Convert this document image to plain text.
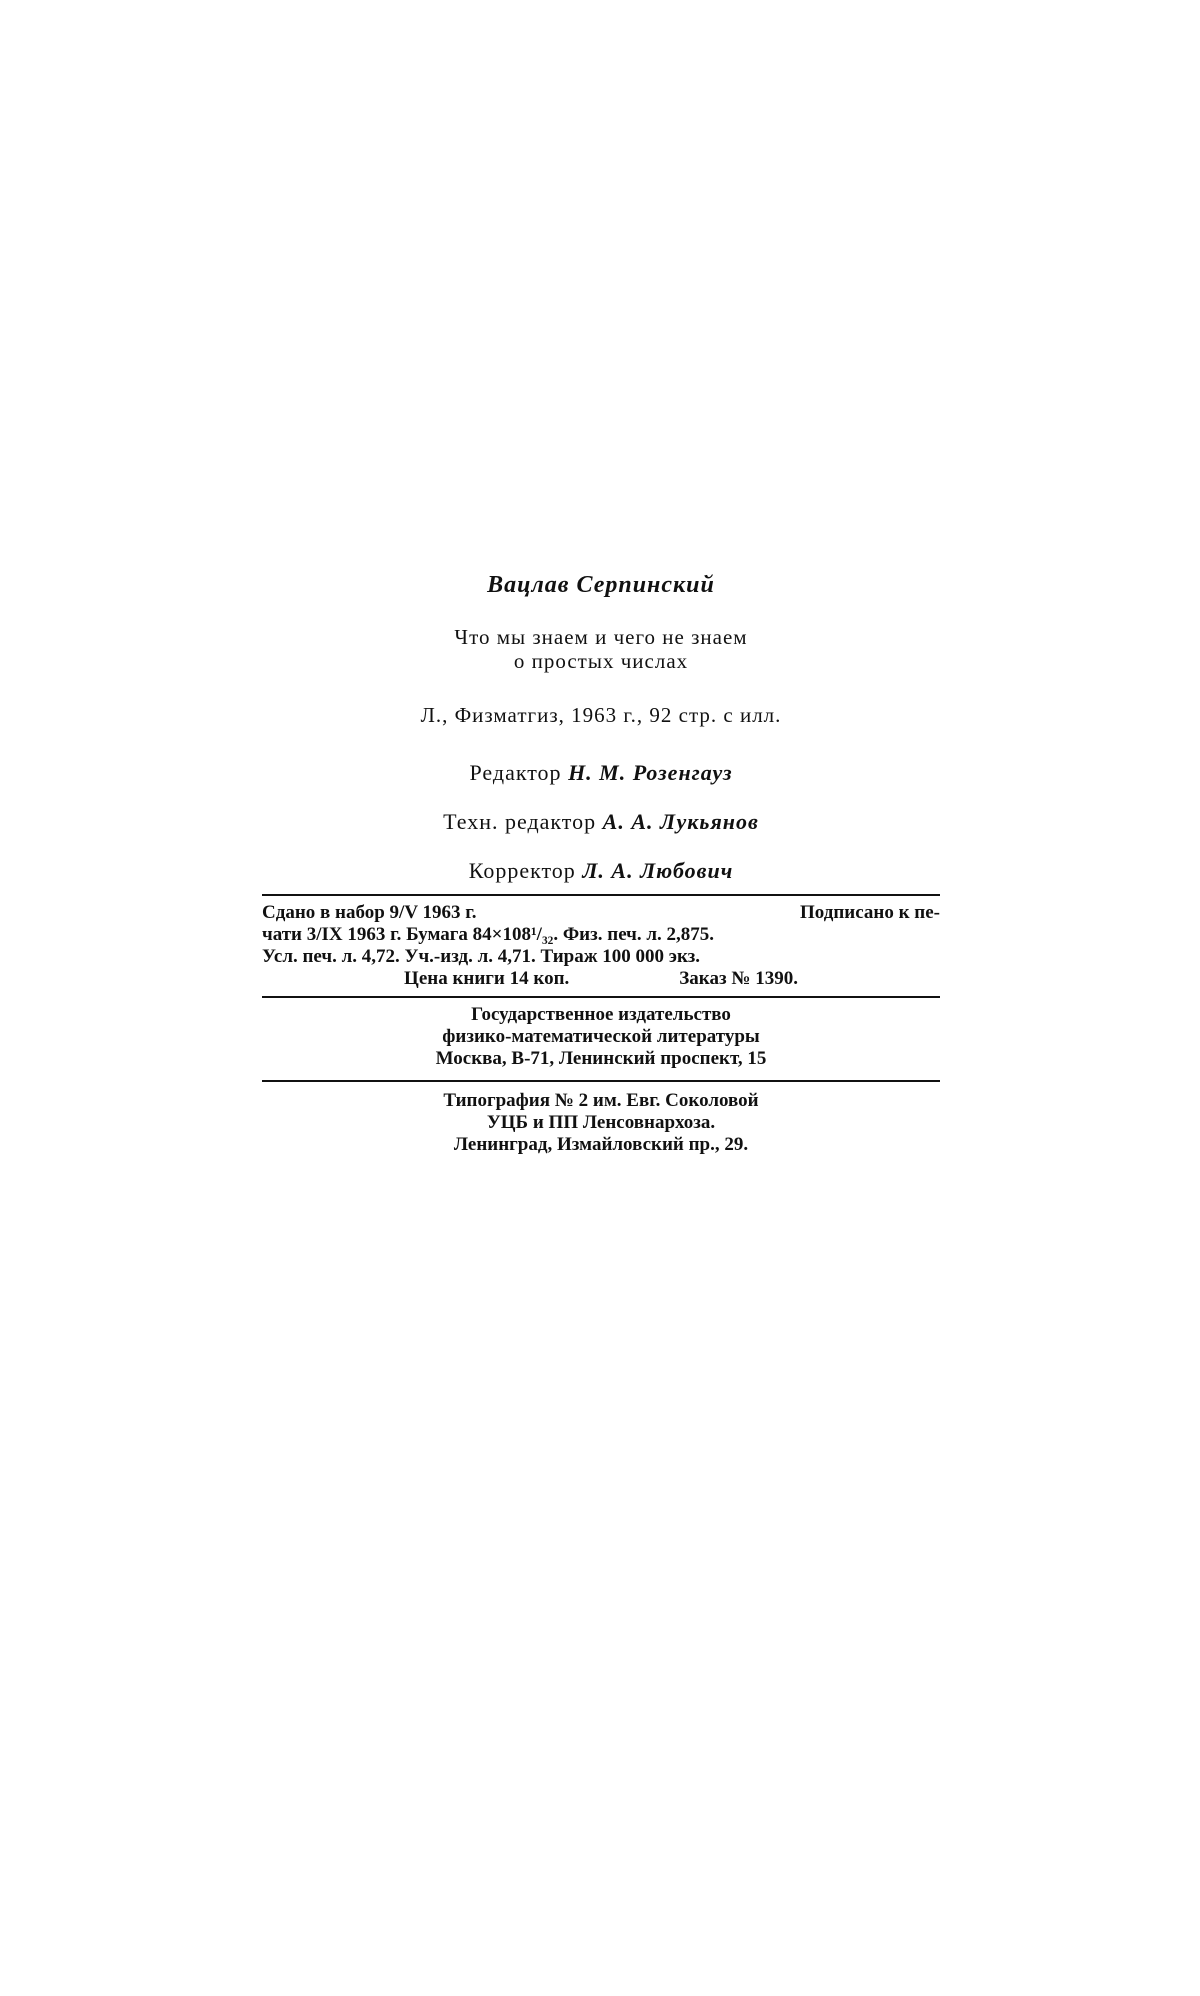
Вацлав Серпинский
Что мы знаем и чего не знаем
о простых числах
Л., Физматгиз, 1963 г., 92 стр. с илл.
Редактор Н. М. Розенгауз
Техн. редактор А. А. Лукьянов
Корректор Л. А. Любович
Сдано в набор 9/V 1963 г.	Подписано к пе-
чати 3/IX 1963 г. Бумага 84×108¹/₃₂. Физ. печ. л. 2,875.
Усл. печ. л. 4,72. Уч.-изд. л. 4,71. Тираж 100 000 экз.
Цена книги 14 коп.	Заказ № 1390.
Государственное издательство
физико-математической литературы
Москва, В-71, Ленинский проспект, 15
Типография № 2 им. Евг. Соколовой
УЦБ и ПП Ленсовнархоза.
Ленинград, Измайловский пр., 29.
